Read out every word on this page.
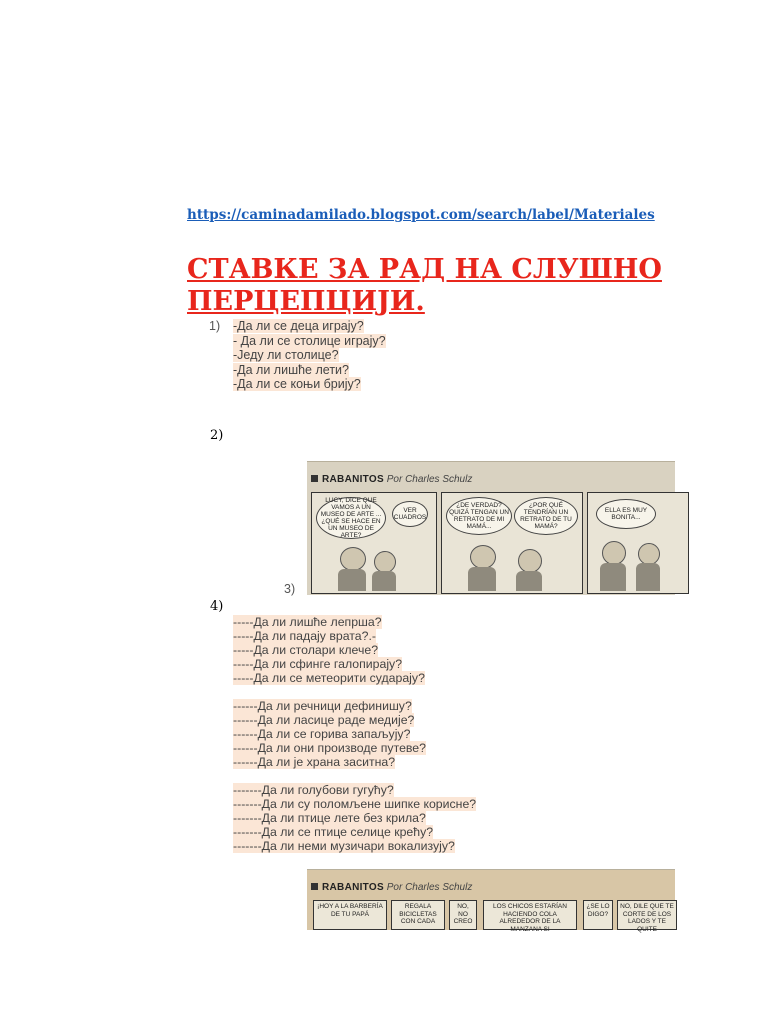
https://caminadamilado.blogspot.com/search/label/Materiales
СТАВКЕ ЗА РАД НА СЛУШНО
ПЕРЦЕПЦИЈИ.
1) -Да ли се деца играју?
- Да ли се столице играју?
-Једу ли столице?
-Да ли лишће лети?
-Да ли се коњи брију?
2)
RABANITOS Por Charles Schulz
LUCY, DICE QUE VAMOS A UN MUSEO DE ARTE ...¿QUÉ SE HACE EN UN MUSEO DE ARTE?
VER CUADROS
¿DE VERDAD? QUIZÁ TENGAN UN RETRATO DE MI MAMÁ...
¿POR QUÉ TENDRÍAN UN RETRATO DE TU MAMÁ?
ELLA ES MUY BONITA...
3)
4)
-----Да ли лишће лепрша?
-----Да ли падају врата?.-
-----Да ли столари клече?
-----Да ли сфинге галопирају?
-----Да ли се метеорити сударају?
------Да ли речници дефинишу?
------Да ли ласице раде медије?
------Да ли се горива запаљују?
------Да ли они производе путеве?
------Да ли је храна заситна?
-------Да ли голубови гугућу?
-------Да ли су поломљене шипке корисне?
-------Да ли птице лете без крила?
-------Да ли се птице селице крећу?
-------Да ли неми музичари вокализују?
RABANITOS Por Charles Schulz
¡HOY A LA BARBERÍA DE TU PAPÁ
REGALA BICICLETAS CON CADA
NO, NO CREO
LOS CHICOS ESTARÍAN HACIENDO COLA ALREDEDOR DE LA MANZANA SI
¿SE LO DIGO?
NO, DILE QUE TE CORTE DE LOS LADOS Y TE QUITE
